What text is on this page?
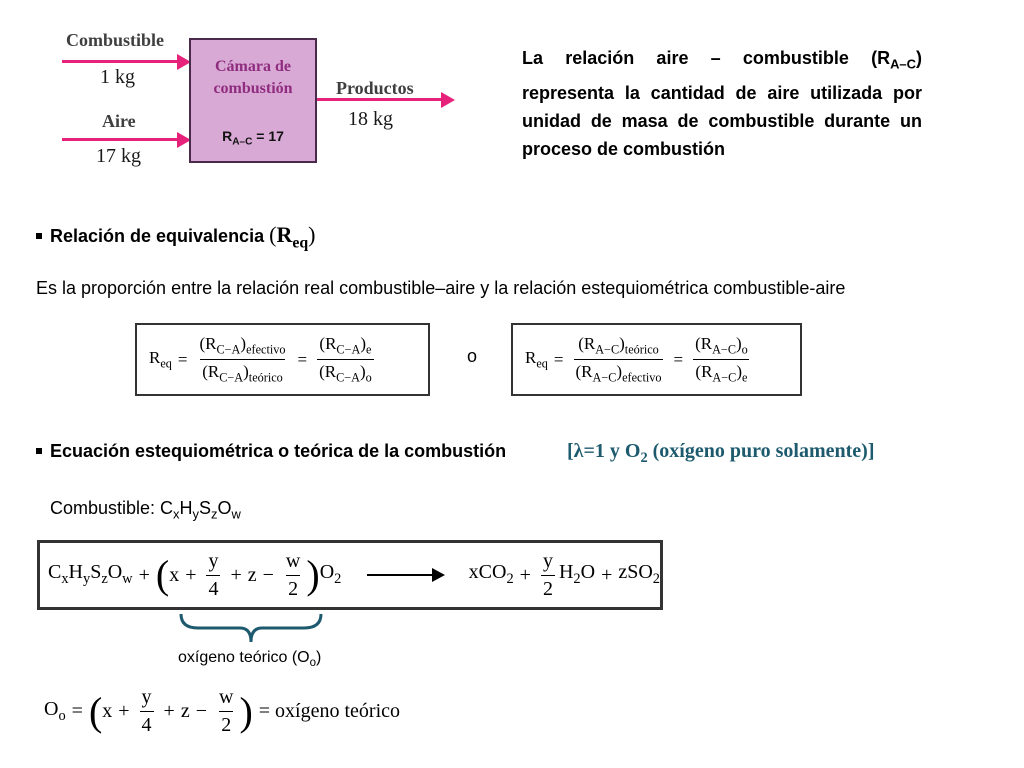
Combustible
1 kg
Aire
17 kg
Cámara de
combustión
$R_{A-C} = 17$
Productos
18 kg
La relación aire – combustible $(R_{A-C})$ representa la cantidad de aire utilizada por unidad de masa de combustible durante un proceso de combustión
Relación de equivalencia $(R_{eq})$
Es la proporción entre la relación real combustible–aire y la relación estequiométrica combustible-aire
$R_{eq} = \frac{(R_{C-A})_{efectivo}}{(R_{C-A})_{teórico}} = \frac{(R_{C-A})_e}{(R_{C-A})_o}$	o	$R_{eq} = \frac{(R_{A-C})_{teórico}}{(R_{A-C})_{efectivo}} = \frac{(R_{A-C})_o}{(R_{A-C})_e}$
Ecuación estequiométrica o teórica de la combustión	[λ=1 y $O_2$ (oxígeno puro solamente)]
Combustible: $C_xH_yS_zO_w$
$C_xH_yS_zO_w$ + ( $x + \frac{y}{4} + z - \frac{w}{2}$ ) $O_2 \to xCO_2 + \frac{y}{2} H_2O + zSO_2$
oxígeno teórico $(O_o)$
$O_o$ = ( $x + \frac{y}{4} + z - \frac{w}{2}$ ) = oxígeno teórico
